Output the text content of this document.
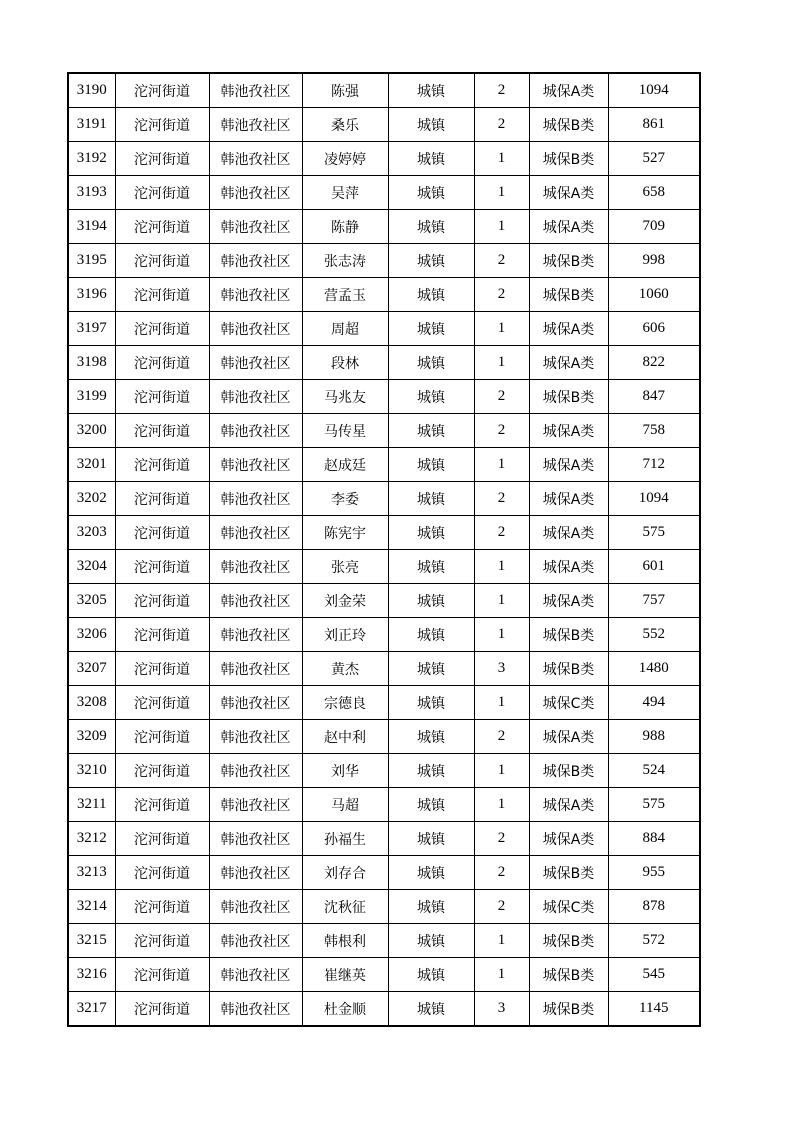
3190	沱河街道	韩池孜社区	陈强	城镇	2	城保A类	1094
3191	沱河街道	韩池孜社区	桑乐	城镇	2	城保B类	861
3192	沱河街道	韩池孜社区	凌婷婷	城镇	1	城保B类	527
3193	沱河街道	韩池孜社区	吴萍	城镇	1	城保A类	658
3194	沱河街道	韩池孜社区	陈静	城镇	1	城保A类	709
3195	沱河街道	韩池孜社区	张志涛	城镇	2	城保B类	998
3196	沱河街道	韩池孜社区	营孟玉	城镇	2	城保B类	1060
3197	沱河街道	韩池孜社区	周超	城镇	1	城保A类	606
3198	沱河街道	韩池孜社区	段林	城镇	1	城保A类	822
3199	沱河街道	韩池孜社区	马兆友	城镇	2	城保B类	847
3200	沱河街道	韩池孜社区	马传星	城镇	2	城保A类	758
3201	沱河街道	韩池孜社区	赵成廷	城镇	1	城保A类	712
3202	沱河街道	韩池孜社区	李委	城镇	2	城保A类	1094
3203	沱河街道	韩池孜社区	陈宪宇	城镇	2	城保A类	575
3204	沱河街道	韩池孜社区	张亮	城镇	1	城保A类	601
3205	沱河街道	韩池孜社区	刘金荣	城镇	1	城保A类	757
3206	沱河街道	韩池孜社区	刘正玲	城镇	1	城保B类	552
3207	沱河街道	韩池孜社区	黄杰	城镇	3	城保B类	1480
3208	沱河街道	韩池孜社区	宗德良	城镇	1	城保C类	494
3209	沱河街道	韩池孜社区	赵中利	城镇	2	城保A类	988
3210	沱河街道	韩池孜社区	刘华	城镇	1	城保B类	524
3211	沱河街道	韩池孜社区	马超	城镇	1	城保A类	575
3212	沱河街道	韩池孜社区	孙福生	城镇	2	城保A类	884
3213	沱河街道	韩池孜社区	刘存合	城镇	2	城保B类	955
3214	沱河街道	韩池孜社区	沈秋征	城镇	2	城保C类	878
3215	沱河街道	韩池孜社区	韩根利	城镇	1	城保B类	572
3216	沱河街道	韩池孜社区	崔继英	城镇	1	城保B类	545
3217	沱河街道	韩池孜社区	杜金顺	城镇	3	城保B类	1145
